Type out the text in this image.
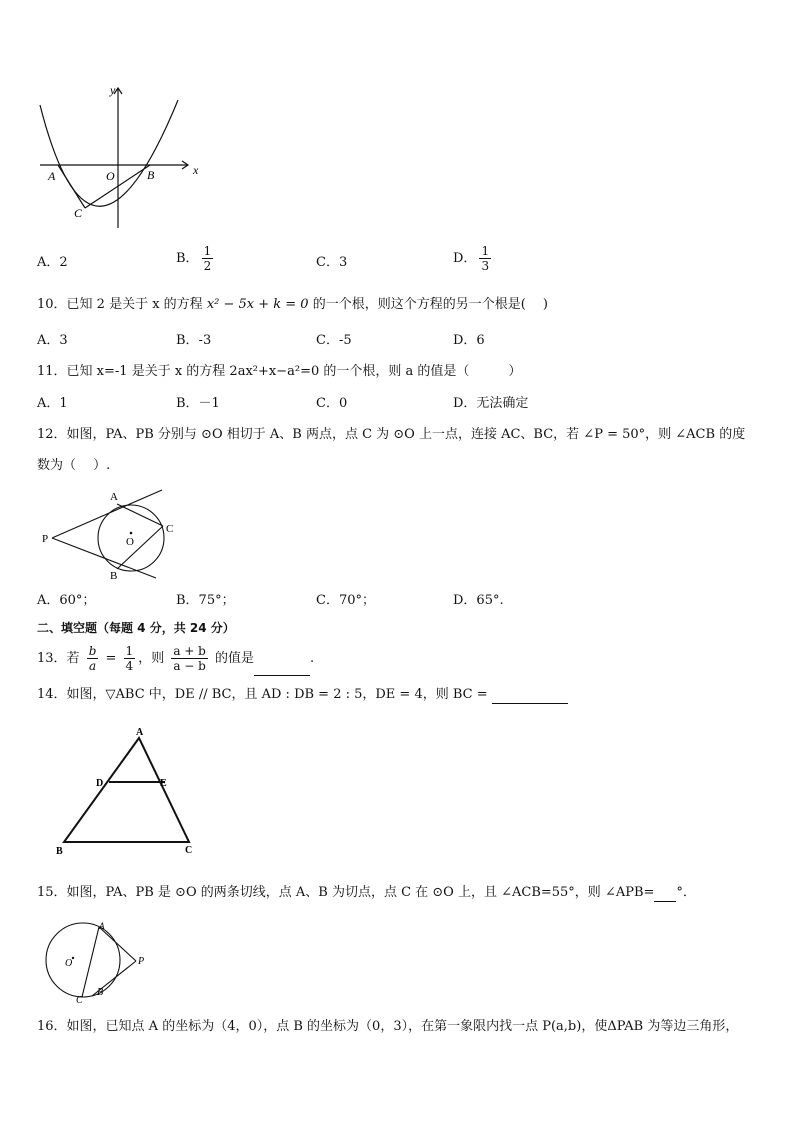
y
x
A	O	B
C
A．2	B． $\frac{1}{2}$	C．3	D． $\frac{1}{3}$
10．已知 2 是关于 x 的方程 x² − 5x + k = 0 的一个根，则这个方程的另一个根是(　 )
A．3	B．-3	C．-5	D．6
11．已知 x=-1 是关于 x 的方程 2ax²+x−a²=0 的一个根，则 a 的值是（　　　）
A．1	B．－1	C．0	D．无法确定
12．如图，PA、PB 分别与 ⊙O 相切于 A、B 两点，点 C 为 ⊙O 上一点，连接 AC、BC，若 ∠P = 50°，则 ∠ACB 的度
数为（　 ）.
P
A
C
O
B
A．60°；	B．75°；	C．70°；	D．65°.
二、填空题（每题 4 分，共 24 分）
13．若 $\frac{b}{a} = \frac{1}{4}$ ，则 $\frac{a + b}{a - b}$ 的值是	.
14．如图，▽ABC 中，DE // BC，且 AD : DB = 2 : 5，DE = 4，则 BC =
A
D	E
B	C
15．如图，PA、PB 是 ⊙O 的两条切线，点 A、B 为切点，点 C 在 ⊙O 上，且 ∠ACB=55°，则 ∠APB= °．
O
A
P
B
C
16．如图，已知点 A 的坐标为（4，0），点 B 的坐标为（0，3），在第一象限内找一点 P(a,b)，使ΔPAB 为等边三角形，
